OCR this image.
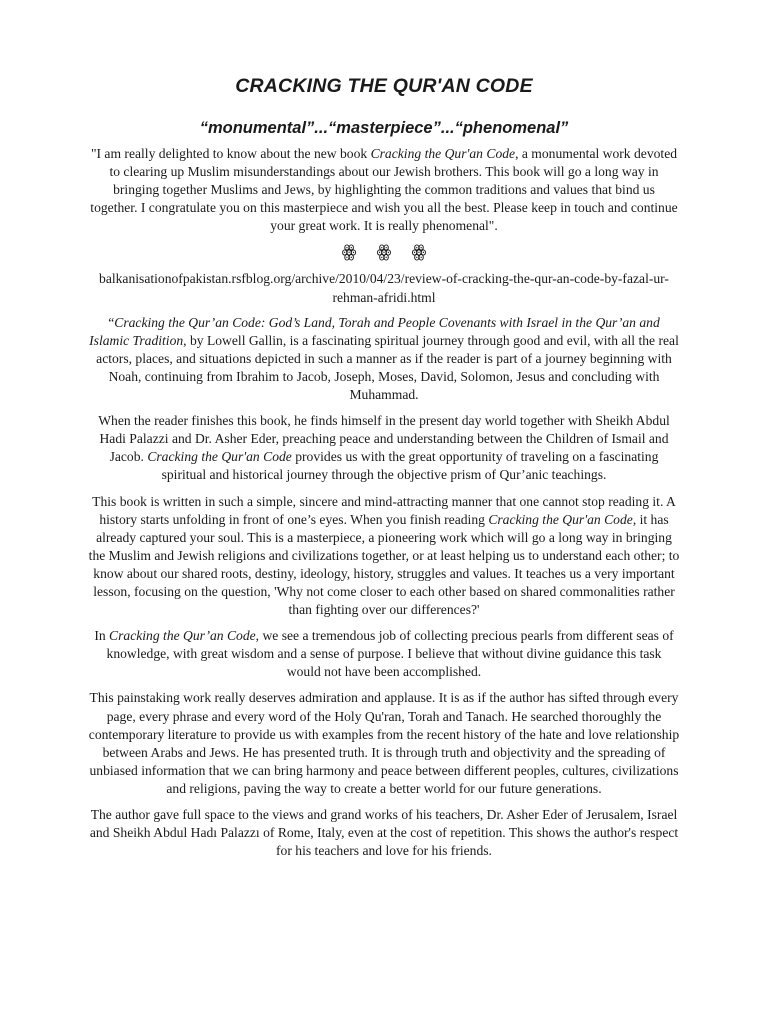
CRACKING THE QUR'AN CODE
“monumental”...“masterpiece”...“phenomenal”

"I am really delighted to know about the new book Cracking the Qur'an Code, a monumental work devoted to clearing up Muslim misunderstandings about our Jewish brothers. This book will go a long way in bringing together Muslims and Jews, by highlighting the common traditions and values that bind us together. I congratulate you on this masterpiece and wish you all the best. Please keep in touch and continue your great work. It is really phenomenal".

ꙮ ꙮ ꙮ

balkanisationofpakistan.rsfblog.org/archive/2010/04/23/review-of-cracking-the-qur-an-code-by-fazal-ur-rehman-afridi.html

“Cracking the Qur’an Code: God’s Land, Torah and People Covenants with Israel in the Qur’an and Islamic Tradition, by Lowell Gallin, is a fascinating spiritual journey through good and evil, with all the real actors, places, and situations depicted in such a manner as if the reader is part of a journey beginning with Noah, continuing from Ibrahim to Jacob, Joseph, Moses, David, Solomon, Jesus and concluding with Muhammad.

When the reader finishes this book, he finds himself in the present day world together with Sheikh Abdul Hadi Palazzi and Dr. Asher Eder, preaching peace and understanding between the Children of Ismail and Jacob. Cracking the Qur'an Code provides us with the great opportunity of traveling on a fascinating spiritual and historical journey through the objective prism of Qur’anic teachings.

This book is written in such a simple, sincere and mind-attracting manner that one cannot stop reading it. A history starts unfolding in front of one’s eyes. When you finish reading Cracking the Qur'an Code, it has already captured your soul. This is a masterpiece, a pioneering work which will go a long way in bringing the Muslim and Jewish religions and civilizations together, or at least helping us to understand each other; to know about our shared roots, destiny, ideology, history, struggles and values. It teaches us a very important lesson, focusing on the question, 'Why not come closer to each other based on shared commonalities rather than fighting over our differences?'

In Cracking the Qur’an Code, we see a tremendous job of collecting precious pearls from different seas of knowledge, with great wisdom and a sense of purpose. I believe that without divine guidance this task would not have been accomplished.

This painstaking work really deserves admiration and applause. It is as if the author has sifted through every page, every phrase and every word of the Holy Qu'ran, Torah and Tanach. He searched thoroughly the contemporary literature to provide us with examples from the recent history of the hate and love relationship between Arabs and Jews. He has presented truth. It is through truth and objectivity and the spreading of unbiased information that we can bring harmony and peace between different peoples, cultures, civilizations and religions, paving the way to create a better world for our future generations.

The author gave full space to the views and grand works of his teachers, Dr. Asher Eder of Jerusalem, Israel and Sheikh Abdul Hadı Palazzı of Rome, Italy, even at the cost of repetition. This shows the author's respect for his teachers and love for his friends.
